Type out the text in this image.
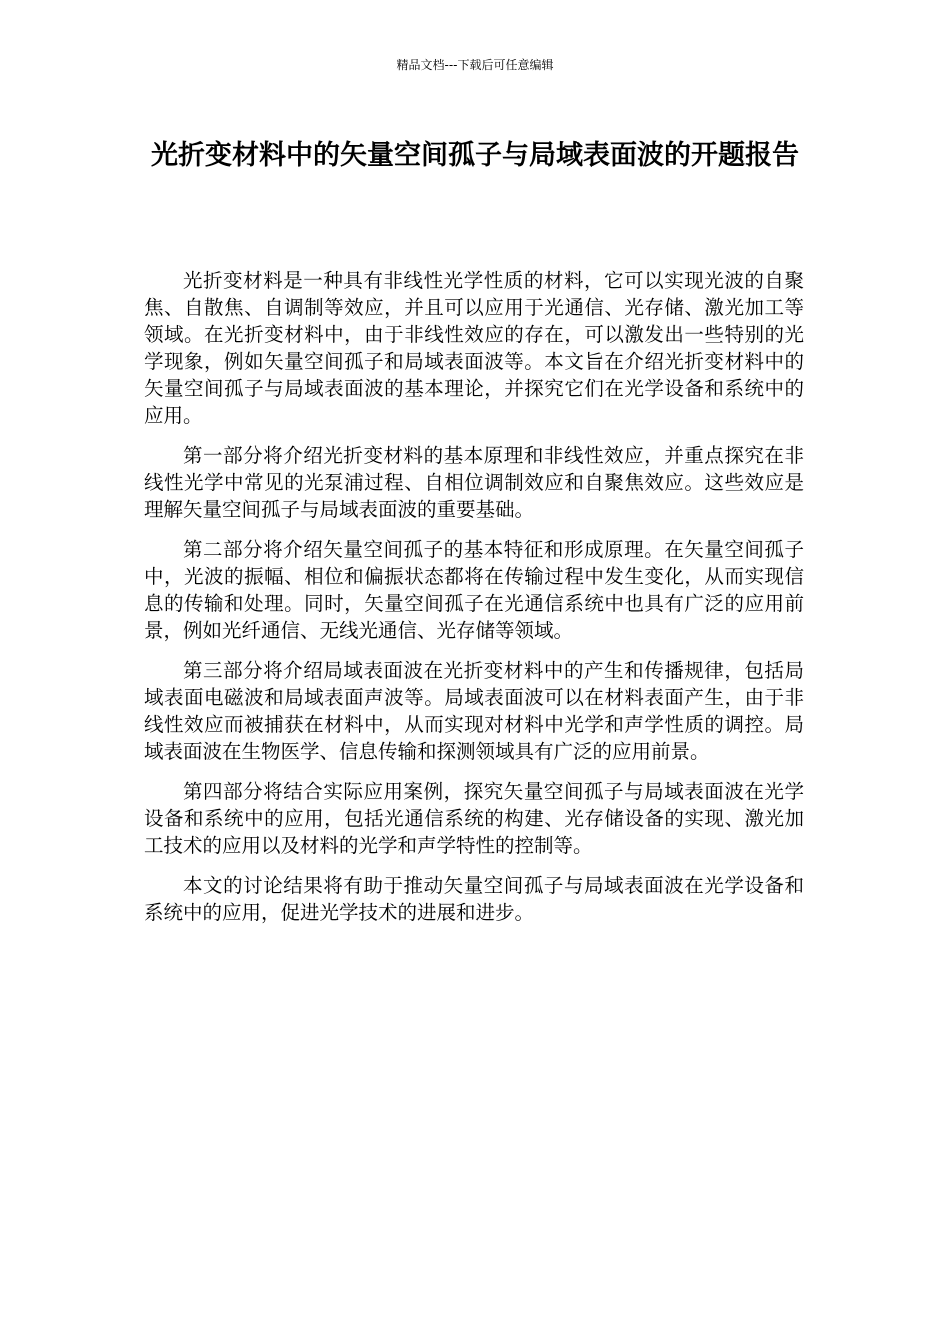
精品文档---下载后可任意编辑
光折变材料中的矢量空间孤子与局域表面波的开题报告

光折变材料是一种具有非线性光学性质的材料，它可以实现光波的自聚焦、自散焦、自调制等效应，并且可以应用于光通信、光存储、激光加工等领域。在光折变材料中，由于非线性效应的存在，可以激发出一些特别的光学现象，例如矢量空间孤子和局域表面波等。本文旨在介绍光折变材料中的矢量空间孤子与局域表面波的基本理论，并探究它们在光学设备和系统中的应用。

第一部分将介绍光折变材料的基本原理和非线性效应，并重点探究在非线性光学中常见的光泵浦过程、自相位调制效应和自聚焦效应。这些效应是理解矢量空间孤子与局域表面波的重要基础。

第二部分将介绍矢量空间孤子的基本特征和形成原理。在矢量空间孤子中，光波的振幅、相位和偏振状态都将在传输过程中发生变化，从而实现信息的传输和处理。同时，矢量空间孤子在光通信系统中也具有广泛的应用前景，例如光纤通信、无线光通信、光存储等领域。

第三部分将介绍局域表面波在光折变材料中的产生和传播规律，包括局域表面电磁波和局域表面声波等。局域表面波可以在材料表面产生，由于非线性效应而被捕获在材料中，从而实现对材料中光学和声学性质的调控。局域表面波在生物医学、信息传输和探测领域具有广泛的应用前景。

第四部分将结合实际应用案例，探究矢量空间孤子与局域表面波在光学设备和系统中的应用，包括光通信系统的构建、光存储设备的实现、激光加工技术的应用以及材料的光学和声学特性的控制等。

本文的讨论结果将有助于推动矢量空间孤子与局域表面波在光学设备和系统中的应用，促进光学技术的进展和进步。
